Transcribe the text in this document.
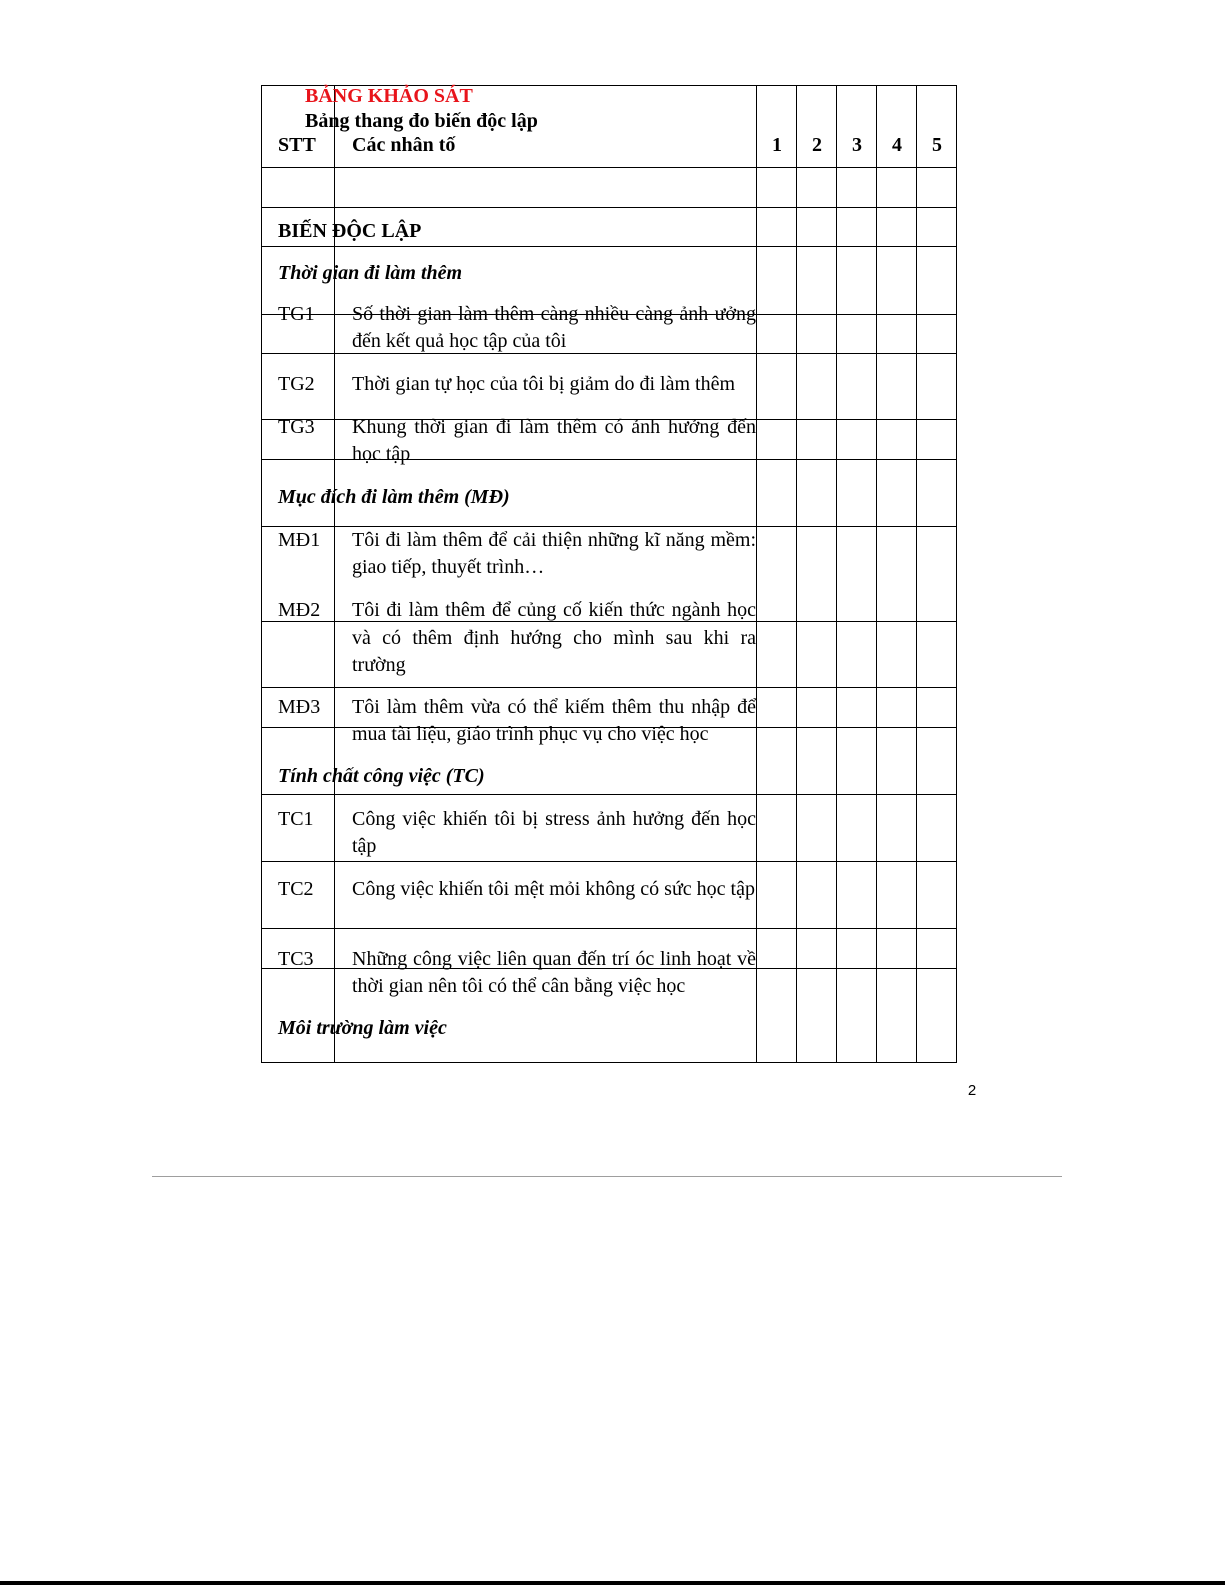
BẢNG KHẢO SÁT
Bảng thang đo biến độc lập
STT Các nhân tố	1	2	3	4	5
BIẾN ĐỘC LẬP
Thời gian đi làm thêm
TG1 Số thời gian làm thêm càng nhiều càng ảnh ưởng đến kết quả học tập của tôi
TG2 Thời gian tự học của tôi bị giảm do đi làm thêm
TG3 Khung thời gian đi làm thêm có ảnh hưởng đến học tập
Mục đích đi làm thêm (MĐ)
MĐ1 Tôi đi làm thêm để cải thiện những kĩ năng mềm: giao tiếp, thuyết trình…
MĐ2 Tôi đi làm thêm để củng cố kiến thức ngành học và có thêm định hướng cho mình sau khi ra trường
MĐ3 Tôi làm thêm vừa có thể kiếm thêm thu nhập để mua tài liệu, giáo trình phục vụ cho việc học
Tính chất công việc (TC)
TC1 Công việc khiến tôi bị stress ảnh hưởng đến học tập
TC2 Công việc khiến tôi mệt mỏi không có sức học tập
TC3 Những công việc liên quan đến trí óc linh hoạt về thời gian nên tôi có thể cân bằng việc học
Môi trường làm việc
2
